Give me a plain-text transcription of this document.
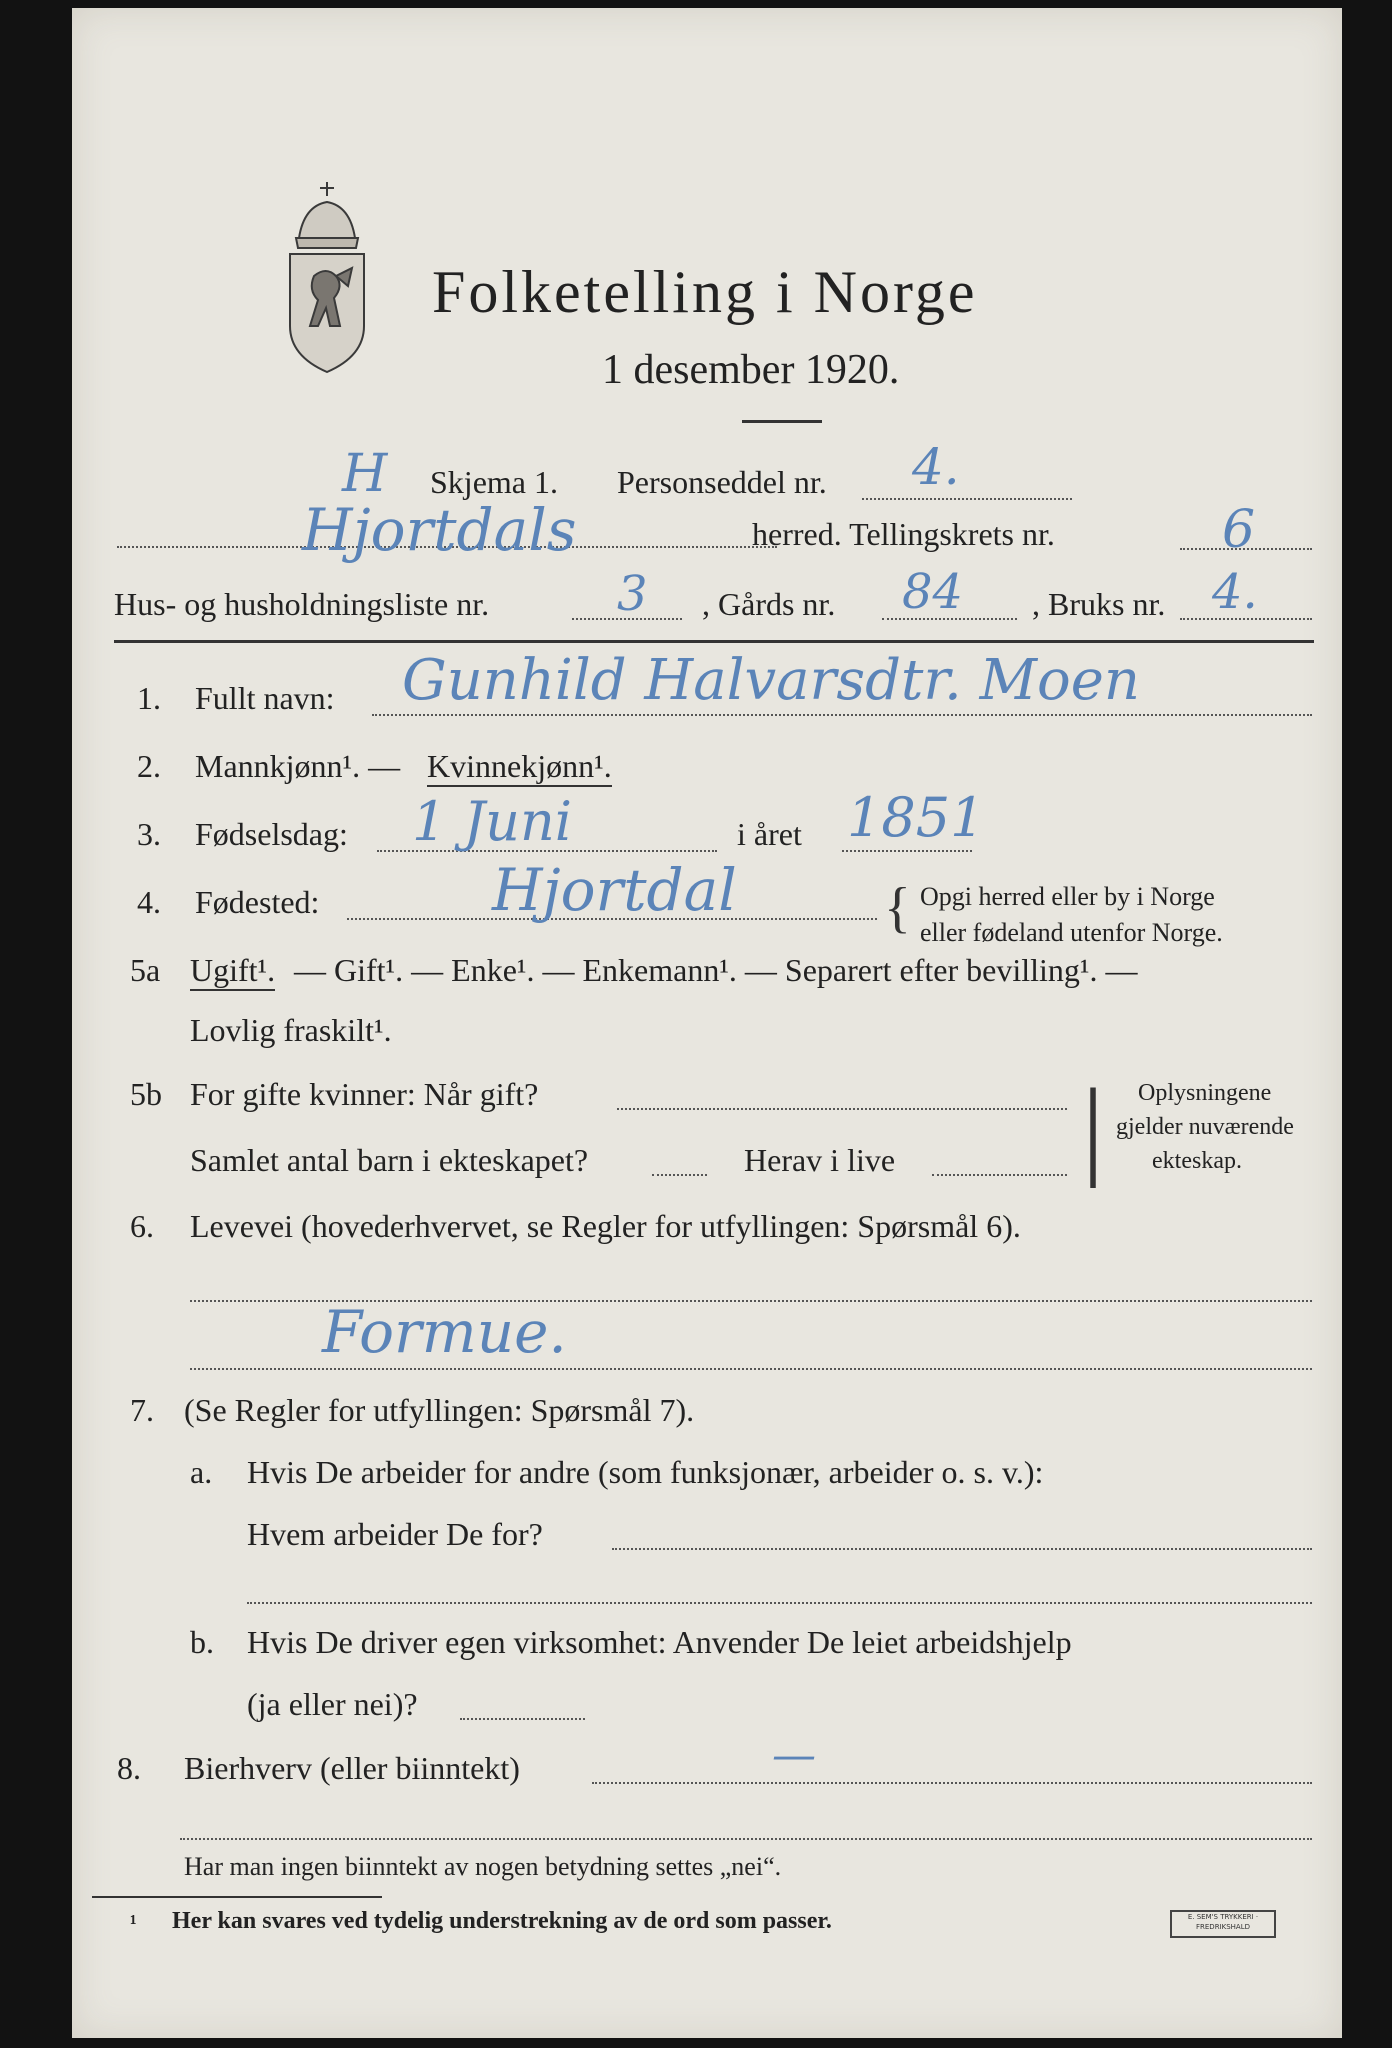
Folketelling i Norge
1 desember 1920.
H Skjema 1. Personseddel nr. 4.
Hjortdals	herred. Tellingskrets nr.	6
Hus- og husholdningsliste nr.	3 , Gårds nr. 84 , Bruks nr. 4.
1. Fullt navn: Gunhild Halvarsdtr. Moen
2. Mannkjønn¹. — Kvinnekjønn¹.
3. Fødselsdag: 1 Juni	i året 1851
4. Fødested:	Hjortdal	{ Opgi herred eller by i Norge
eller fødeland utenfor Norge.
5a Ugift¹. — Gift¹. — Enke¹. — Enkemann¹. — Separert efter bevilling¹. —
Lovlig fraskilt¹.
5b For gifte kvinner: Når gift?
Samlet antal barn i ekteskapet?	Herav i live | Oplysningene
gjelder nuværende
ekteskap.
6. Levevei (hovederhvervet, se Regler for utfyllingen: Spørsmål 6).
Formue.
7. (Se Regler for utfyllingen: Spørsmål 7).
a. Hvis De arbeider for andre (som funksjonær, arbeider o. s. v.):
Hvem arbeider De for?
b. Hvis De driver egen virksomhet: Anvender De leiet arbeidshjelp
(ja eller nei)?
8. Bierhverv (eller biinntekt)	—
Har man ingen biinntekt av nogen betydning settes „nei“.
¹ Her kan svares ved tydelig understrekning av de ord som passer.	E. SEM'S TRYKKERI · FREDRIKSHALD
